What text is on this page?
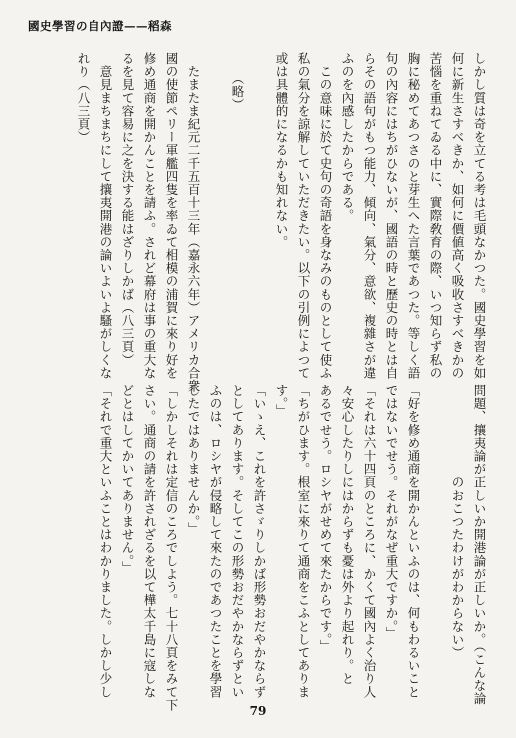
國史學習の自內證——稻森
しかし質は奇を立てる考は毛頭なかつた。國史學習を如
何に新生さすべきか、如何に價値高く吸收さすべきかの
苦惱を重ねてゐる中に、實際敎育の際、いつ知らず私の
胸に秘めてあつさのと芽生へた言葉であつた。等しく語
句の內容にはちがひないが、國語の時と歷史の時とは自
らその語句がもつ能力、傾向、氣分、意欲、複雜さが違
ふのを內感したからである。
　この意味に於て史句の奇語を身なみのものとして使ふ
私の氣分を諒解していただきたい。以下の引例によつて
或は具體的になるかも知れない。

　　（略）

　たまたま紀元二千五百十三年（嘉永六年）アメリカ合衆
國の使節ペリー軍艦四隻を率ゐて相模の浦賀に來り好を
修め通商を開かんことを請ふ。されど幕府は事の重大な
るを見て容易に之を決する能はざりしかば（八三頁）
　意見まちまちにして攘夷開港の論いよいよ騷がしくな
れり（八三頁）
問題、攘夷論が正しいか開港論が正しいか。（こんな論
　　　　　　　のおこつたわけがわからない）

「好を修め通商を開かんといふのは、何もわるいこと
ではないでせう。それがなぜ重大ですか。」
「それは六十四頁のところに、かくて國內よく治り人
々安心したりしにはからずも憂は外より起れり。と
あるでせう。ロシヤがせめて來たからです。」
「ちがひます。根室に來りて通商をこふとしてありま
す。」
「いゝえ、これを許さゞりしかば形勢おだやかならず
としてあります。そしてこの形勢おだやかならずとい
ふのは、ロシヤが侵略して來たのであつたことを學習
したではありませんか。」
「しかしそれは定信のころでしよう。七十八頁をみて下
さい。通商の請を許されざるを以て樺太千島に寇しな
どとはしてかいてありません。」
「それで重大といふことはわかりました。しかし少し
79
